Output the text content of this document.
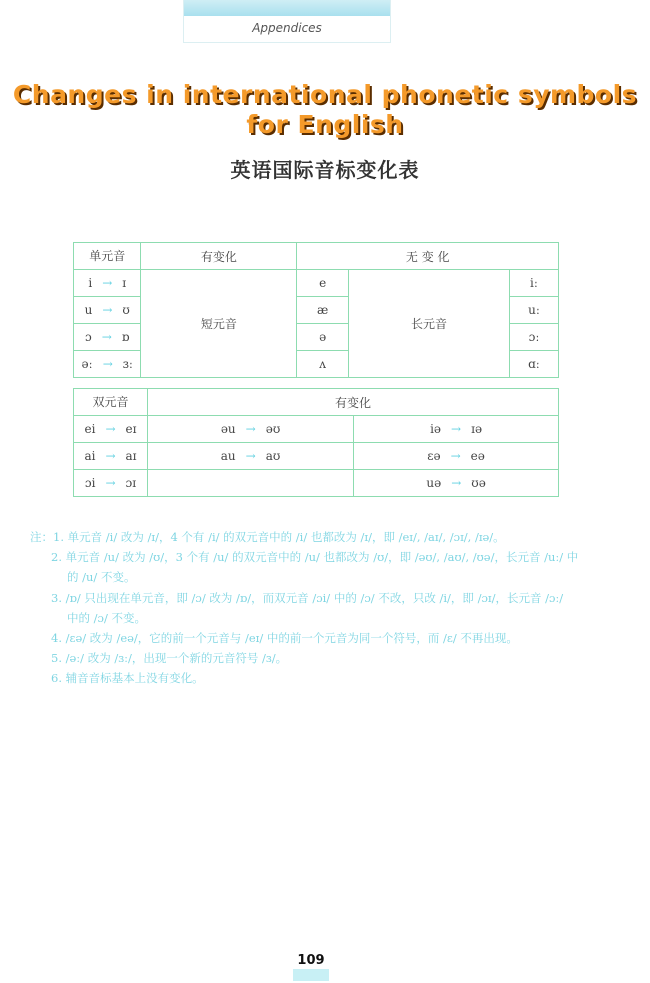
Appendices
Changes in international phonetic symbols for English
英语国际音标变化表
单元音	有变化	无 变 化		
i → ɪ	短元音	e	长元音	iː
u → ʊ		æ		uː
ɔ → ɒ		ə		ɔː
əː → ɜː		ʌ		ɑː
双元音	有变化	
ei → eɪ	əu → əʊ	iə → ɪə
ai → aɪ	au → aʊ	εə → eə
ɔi → ɔɪ		uə → ʊə
注：1. 单元音 /i/ 改为 /ɪ/，4 个有 /i/ 的双元音中的 /i/ 也都改为 /ɪ/，即 /eɪ/, /aɪ/, /ɔɪ/, /ɪə/。
2. 单元音 /u/ 改为 /ʊ/，3 个有 /u/ 的双元音中的 /u/ 也都改为 /ʊ/，即 /əʊ/, /aʊ/, /ʊə/，长元音 /uː/ 中
的 /u/ 不变。
3. /ɒ/ 只出现在单元音，即 /ɔ/ 改为 /ɒ/，而双元音 /ɔi/ 中的 /ɔ/ 不改，只改 /i/，即 /ɔɪ/，长元音 /ɔː/
中的 /ɔ/ 不变。
4. /εə/ 改为 /eə/，它的前一个元音与 /eɪ/ 中的前一个元音为同一个符号，而 /ε/ 不再出现。
5. /əː/ 改为 /ɜː/，出现一个新的元音符号 /ɜ/。
6. 辅音音标基本上没有变化。
109
